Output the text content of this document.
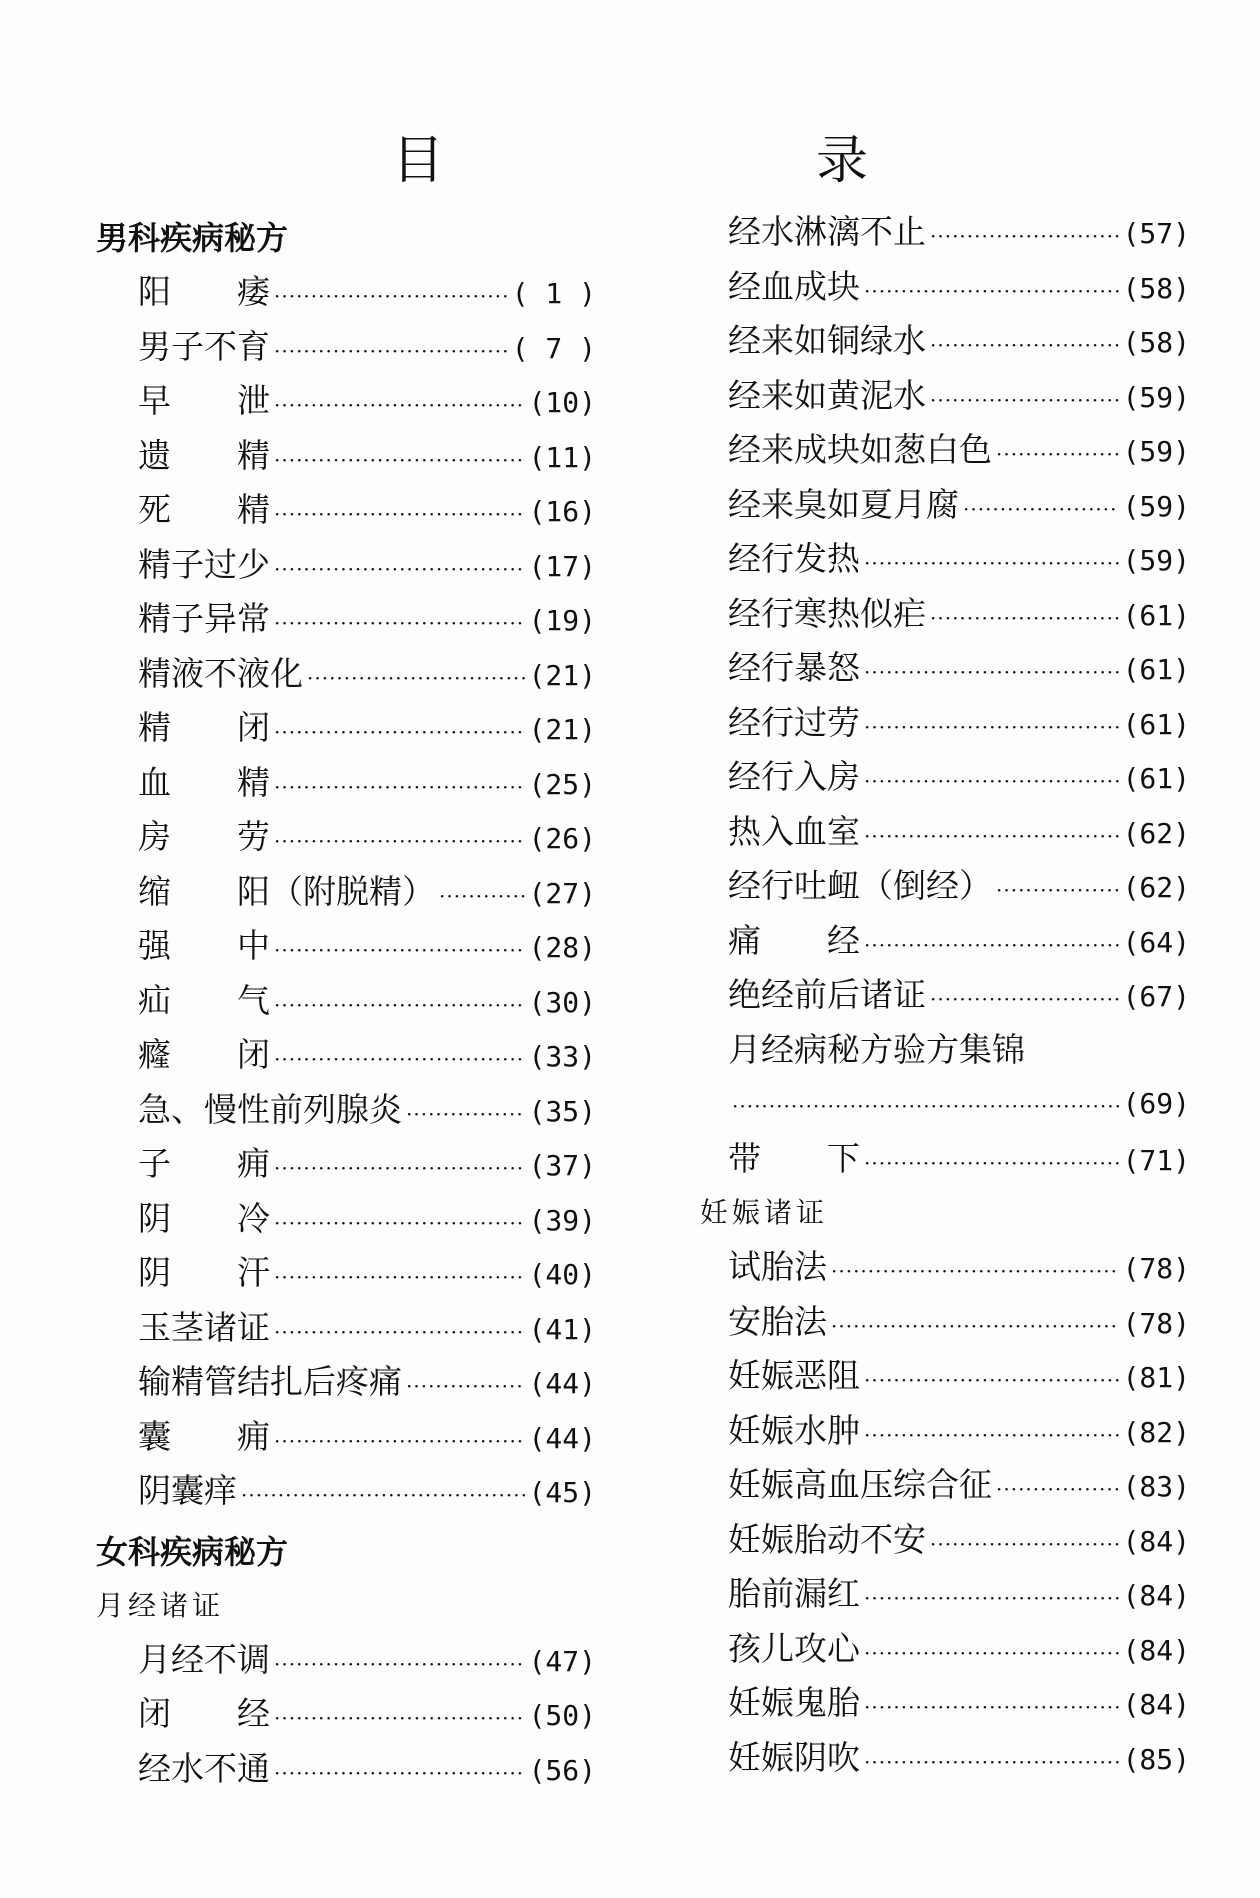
目　录
男科疾病秘方
阳　　痿 ·····	( 1 )
男子不育 ·····	( 7 )
早　　泄 ·····	(10)
遗　　精 ·····	(11)
死　　精 ·····	(16)
精子过少 ·····	(17)
精子异常 ·····	(19)
精液不液化 ·····	(21)
精　　闭 ·····	(21)
血　　精 ·····	(25)
房　　劳 ·····	(26)
缩　　阳（附脱精） ·····	(27)
强　　中 ·····	(28)
疝　　气 ·····	(30)
癃　　闭 ·····	(33)
急、慢性前列腺炎 ·····	(35)
子　　痈 ·····	(37)
阴　　冷 ·····	(39)
阴　　汗 ·····	(40)
玉茎诸证 ·····	(41)
输精管结扎后疼痛 ·····	(44)
囊　　痈 ·····	(44)
阴囊痒 ·····	(45)
女科疾病秘方
月经诸证
月经不调 ·····	(47)
闭　　经 ·····	(50)
经水不通 ·····	(56)
经水淋漓不止 ·····	(57)
经血成块 ·····	(58)
经来如铜绿水 ·····	(58)
经来如黄泥水 ·····	(59)
经来成块如葱白色 ·····	(59)
经来臭如夏月腐 ·····	(59)
经行发热 ·····	(59)
经行寒热似疟 ·····	(61)
经行暴怒 ·····	(61)
经行过劳 ·····	(61)
经行入房 ·····	(61)
热入血室 ·····	(62)
经行吐衄（倒经） ·····	(62)
痛　　经 ·····	(64)
绝经前后诸证 ·····	(67)
月经病秘方验方集锦
·····
(69)
带　　下 ·····	(71)
妊娠诸证
试胎法 ·····	(78)
安胎法 ·····	(78)
妊娠恶阻 ·····	(81)
妊娠水肿 ·····	(82)
妊娠高血压综合征 ·····	(83)
妊娠胎动不安 ·····	(84)
胎前漏红 ·····	(84)
孩儿攻心 ·····	(84)
妊娠鬼胎 ·····	(84)
妊娠阴吹 ·····	(85)
